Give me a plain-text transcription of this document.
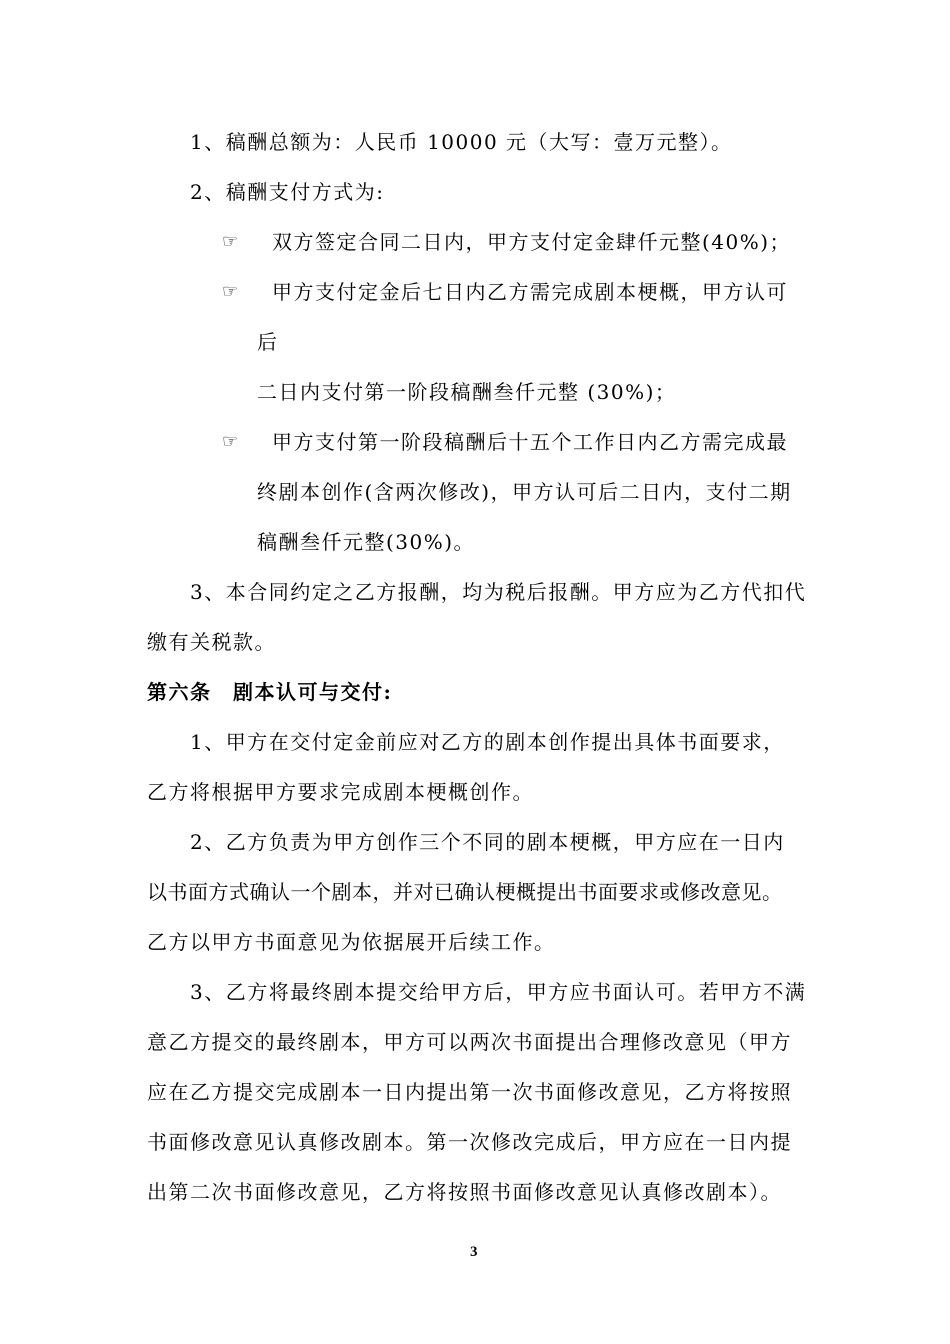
1、稿酬总额为：人民币 10000 元（大写：壹万元整）。
2、稿酬支付方式为:
☞ 双方签定合同二日内，甲方支付定金肆仟元整(40%)；
☞ 甲方支付定金后七日内乙方需完成剧本梗概，甲方认可
后
二日内支付第一阶段稿酬叁仟元整 (30%)；
☞ 甲方支付第一阶段稿酬后十五个工作日内乙方需完成最
终剧本创作(含两次修改)，甲方认可后二日内，支付二期
稿酬叁仟元整(30%)。
3、本合同约定之乙方报酬，均为税后报酬。甲方应为乙方代扣代
缴有关税款。
第六条　剧本认可与交付:
1、甲方在交付定金前应对乙方的剧本创作提出具体书面要求，
乙方将根据甲方要求完成剧本梗概创作。
2、乙方负责为甲方创作三个不同的剧本梗概，甲方应在一日内
以书面方式确认一个剧本，并对已确认梗概提出书面要求或修改意见。
乙方以甲方书面意见为依据展开后续工作。
3、乙方将最终剧本提交给甲方后，甲方应书面认可。若甲方不满
意乙方提交的最终剧本，甲方可以两次书面提出合理修改意见（甲方
应在乙方提交完成剧本一日内提出第一次书面修改意见，乙方将按照
书面修改意见认真修改剧本。第一次修改完成后，甲方应在一日内提
出第二次书面修改意见，乙方将按照书面修改意见认真修改剧本）。
3
